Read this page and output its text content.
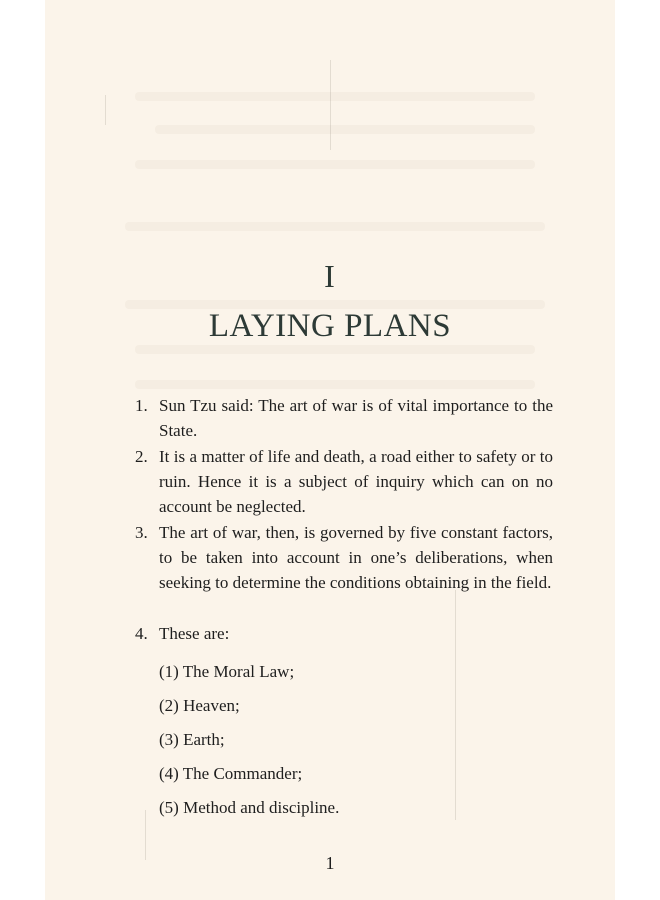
I
LAYING PLANS
1. Sun Tzu said: The art of war is of vital importance to the State.
2. It is a matter of life and death, a road either to safety or to ruin. Hence it is a subject of inquiry which can on no account be neglected.
3. The art of war, then, is governed by five constant factors, to be taken into account in one’s deliberations, when seeking to determine the conditions obtaining in the field.
4. These are:
(1) The Moral Law;
(2) Heaven;
(3) Earth;
(4) The Commander;
(5) Method and discipline.
1
